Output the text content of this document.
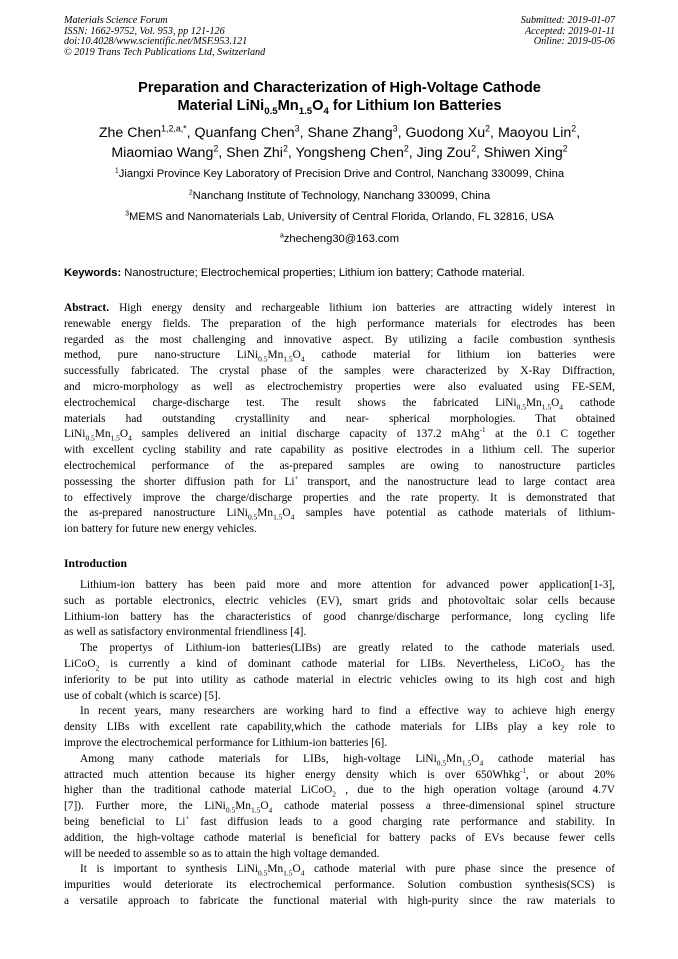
Materials Science Forum
ISSN: 1662-9752, Vol. 953, pp 121-126
doi:10.4028/www.scientific.net/MSF.953.121
© 2019 Trans Tech Publications Ltd, Switzerland
Submitted: 2019-01-07
Accepted: 2019-01-11
Online: 2019-05-06
Preparation and Characterization of High-Voltage Cathode
Material $LiNi_{0.5}Mn_{1.5}O_4$ for Lithium Ion Batteries
Zhe Chen$^{1,2,a,*}$, Quanfang Chen$^3$, Shane Zhang$^3$, Guodong Xu$^2$, Maoyou Lin$^2$,
Miaomiao Wang$^2$, Shen Zhi$^2$, Yongsheng Chen$^2$, Jing Zou$^2$, Shiwen Xing$^2$
$^1$Jiangxi Province Key Laboratory of Precision Drive and Control, Nanchang 330099, China
$^2$Nanchang Institute of Technology, Nanchang 330099, China
$^3$MEMS and Nanomaterials Lab, University of Central Florida, Orlando, FL 32816, USA
$^a$zhecheng30@163.com
Keywords: Nanostructure; Electrochemical properties; Lithium ion battery; Cathode material.
Abstract. High energy density and rechargeable lithium ion batteries are attracting widely interest in
renewable energy fields. The preparation of the high performance materials for electrodes has been
regarded as the most challenging and innovative aspect. By utilizing a facile combustion synthesis
method, pure nano-structure $LiNi_{0.5}Mn_{1.5}O_4$ cathode material for lithium ion batteries were
successfully fabricated. The crystal phase of the samples were characterized by X-Ray Diffraction,
and micro-morphology as well as electrochemistry properties were also evaluated using FE-SEM,
electrochemical charge-discharge test. The result shows the fabricated $LiNi_{0.5}Mn_{1.5}O_4$ cathode
materials had outstanding crystallinity and near- spherical morphologies. That obtained
$LiNi_{0.5}Mn_{1.5}O_4$ samples delivered an initial discharge capacity of 137.2 mAhg$^{-1}$ at the 0.1 C together
with excellent cycling stability and rate capability as positive electrodes in a lithium cell. The superior
electrochemical performance of the as-prepared samples are owing to nanostructure particles
possessing the shorter diffusion path for Li+ transport, and the nanostructure lead to large contact area
to effectively improve the charge/discharge properties and the rate property. It is demonstrated that
the as-prepared nanostructure $LiNi_{0.5}Mn_{1.5}O_4$ samples have potential as cathode materials of lithium-
ion battery for future new energy vehicles.
Introduction
Lithium-ion battery has been paid more and more attention for advanced power application[1-3],
such as portable electronics, electric vehicles (EV), smart grids and photovoltaic solar cells because
Lithium-ion battery has the characteristics of good chanrge/discharge performance, long cycling life
as well as satisfactory environmental friendliness [4].
The propertys of Lithium-ion batteries(LIBs) are greatly related to the cathode materials used.
LiCoO$_2$ is currently a kind of dominant cathode material for LIBs. Nevertheless, LiCoO$_2$ has the
inferiority to be put into utility as cathode material in electric vehicles owing to its high cost and high
use of cobalt (which is scarce) [5].
In recent years, many researchers are working hard to find a effective way to achieve high energy
density LIBs with excellent rate capability,which the cathode materials for LIBs play a key role to
improve the electrochemical performance for Lithium-ion batteries [6].
Among many cathode materials for LIBs, high-voltage $LiNi_{0.5}Mn_{1.5}O_4$ cathode material has
attracted much attention because its higher energy density which is over 650Whkg$^{-1}$, or about 20%
higher than the traditional cathode material LiCoO$_2$ , due to the high operation voltage (around 4.7V
[7]). Further more, the $LiNi_{0.5}Mn_{1.5}O_4$ cathode material possess a three-dimensional spinel structure
being beneficial to Li+ fast diffusion leads to a good charging rate performance and stability. In
addition, the high-voltage cathode material is beneficial for battery packs of EVs because fewer cells
will be needed to assemble so as to attain the high voltage demanded.
It is important to synthesis $LiNi_{0.5}Mn_{1.5}O_4$ cathode material with pure phase since the presence of
impurities would deteriorate its electrochemical performance. Solution combustion synthesis(SCS) is
a versatile approach to fabricate the functional material with high-purity since the raw materials to
